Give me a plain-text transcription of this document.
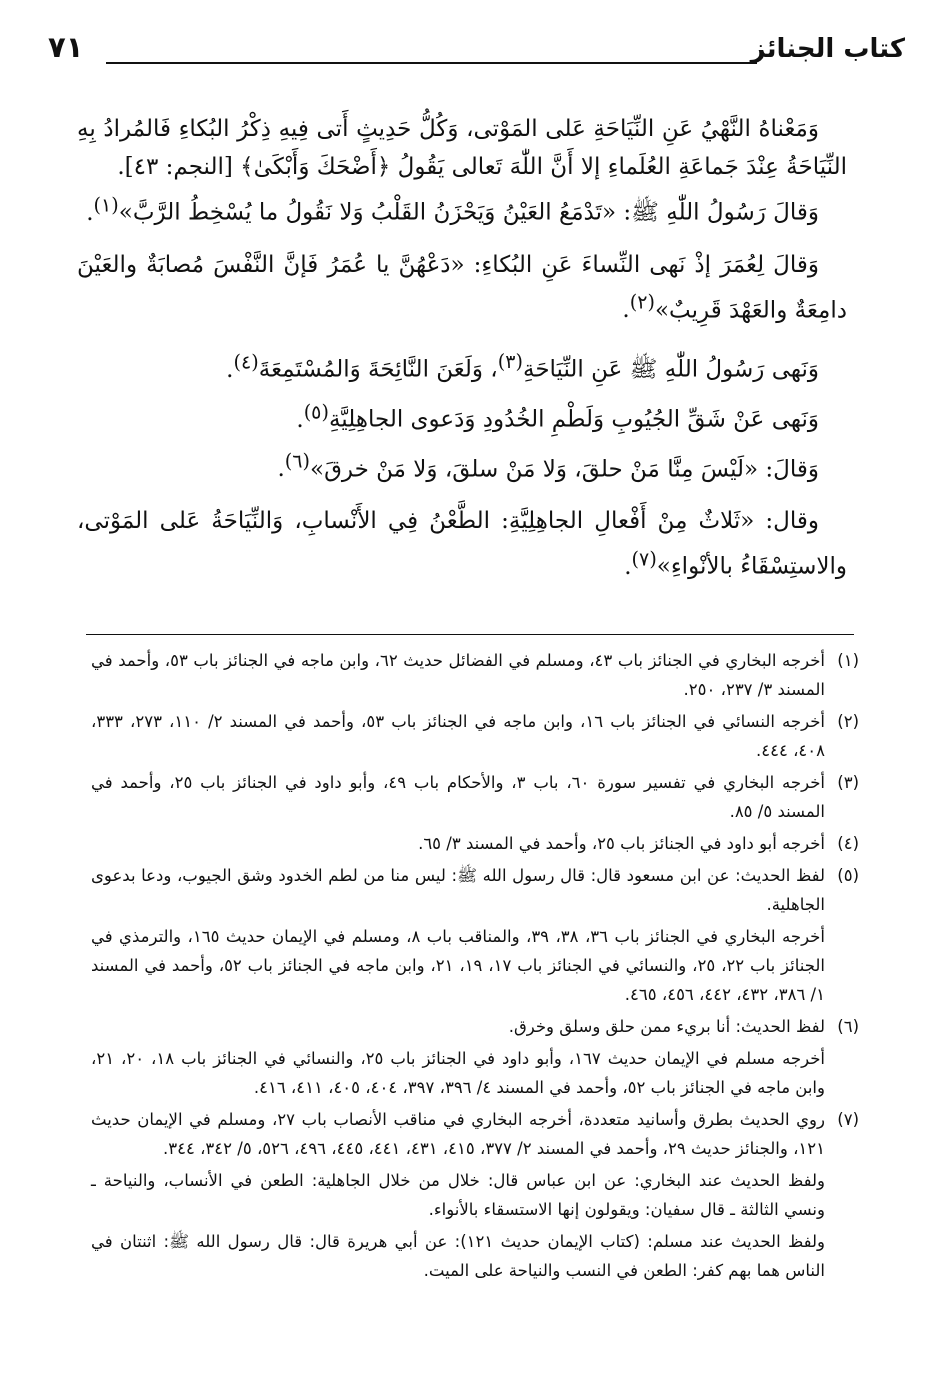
كتاب الجنائز
٧١

وَمَعْناهُ النَّهْيُ عَنِ النِّيَاحَةِ عَلى المَوْتى، وَكُلُّ حَدِيثٍ أَتى فِيهِ ذِكْرُ البُكاءِ فَالمُرادُ بِهِ النِّيَاحَةُ عِنْدَ جَماعَةِ العُلَماءِ إلا أَنَّ اللّٰهَ تَعالى يَقُولُ ﴿أَضْحَكَ وَأَبْكَىٰ﴾ [النجم: ٤٣].

وَقالَ رَسُولُ اللّٰهِ ﷺ: «تَدْمَعُ العَيْنُ وَيَحْزَنُ القَلْبُ وَلا نَقُولُ ما يُسْخِطُ الرَّبَّ»$^{(١)}$.

وَقالَ لِعُمَرَ إذْ نَهى النِّساءَ عَنِ البُكاءِ: «دَعْهُنَّ يا عُمَرُ فَإنَّ النَّفْسَ مُصابَةٌ والعَيْنَ دامِعَةٌ والعَهْدَ قَرِيبٌ»$^{(٢)}$.

وَنَهى رَسُولُ اللّٰهِ ﷺ عَنِ النِّيَاحَةِ$^{(٣)}$، وَلَعَنَ النَّائِحَةَ وَالمُسْتَمِعَةَ$^{(٤)}$.

وَنَهى عَنْ شَقِّ الجُيُوبِ وَلَطْمِ الخُدُودِ وَدَعوى الجاهِلِيَّةِ$^{(٥)}$.

وَقالَ: «لَيْسَ مِنَّا مَنْ حلقَ، وَلا مَنْ سلقَ، وَلا مَنْ خرقَ»$^{(٦)}$.

وقال: «ثَلاثٌ مِنْ أَفْعالِ الجاهِلِيَّةِ: الطَّعْنُ فِي الأَنْسابِ، وَالنِّيَاحَةُ عَلى المَوْتى، والاستِسْقَاءُ بالأنْواءِ»$^{(٧)}$.

(١)

أخرجه البخاري في الجنائز باب ٤٣، ومسلم في الفضائل حديث ٦٢، وابن ماجه في الجنائز باب ٥٣، وأحمد في المسند ٣/ ٢٣٧، ٢٥٠.

(٢)

أخرجه النسائي في الجنائز باب ١٦، وابن ماجه في الجنائز باب ٥٣، وأحمد في المسند ٢/ ١١٠، ٢٧٣، ٣٣٣، ٤٠٨، ٤٤٤.

(٣)

أخرجه البخاري في تفسير سورة ٦٠، باب ٣، والأحكام باب ٤٩، وأبو داود في الجنائز باب ٢٥، وأحمد في المسند ٥/ ٨٥.

(٤)

أخرجه أبو داود في الجنائز باب ٢٥، وأحمد في المسند ٣/ ٦٥.

(٥)

لفظ الحديث: عن ابن مسعود قال: قال رسول الله ﷺ: ليس منا من لطم الخدود وشق الجيوب، ودعا بدعوى الجاهلية.

أخرجه البخاري في الجنائز باب ٣٦، ٣٨، ٣٩، والمناقب باب ٨، ومسلم في الإيمان حديث ١٦٥، والترمذي في الجنائز باب ٢٢، ٢٥، والنسائي في الجنائز باب ١٧، ١٩، ٢١، وابن ماجه في الجنائز باب ٥٢، وأحمد في المسند ١/ ٣٨٦، ٤٣٢، ٤٤٢، ٤٥٦، ٤٦٥.

(٦)

لفظ الحديث: أنا بريء ممن حلق وسلق وخرق.

أخرجه مسلم في الإيمان حديث ١٦٧، وأبو داود في الجنائز باب ٢٥، والنسائي في الجنائز باب ١٨، ٢٠، ٢١، وابن ماجه في الجنائز باب ٥٢، وأحمد في المسند ٤/ ٣٩٦، ٣٩٧، ٤٠٤، ٤٠٥، ٤١١، ٤١٦.

(٧)

روي الحديث بطرق وأسانيد متعددة، أخرجه البخاري في مناقب الأنصاب باب ٢٧، ومسلم في الإيمان حديث ١٢١، والجنائز حديث ٢٩، وأحمد في المسند ٢/ ٣٧٧، ٤١٥، ٤٣١، ٤٤١، ٤٤٥، ٤٩٦، ٥٢٦، ٥/ ٣٤٢، ٣٤٤.

ولفظ الحديث عند البخاري: عن ابن عباس قال: خلال من خلال الجاهلية: الطعن في الأنساب، والنياحة ـ ونسي الثالثة ـ قال سفيان: ويقولون إنها الاستسقاء بالأنواء.

ولفظ الحديث عند مسلم: (كتاب الإيمان حديث ١٢١): عن أبي هريرة قال: قال رسول الله ﷺ: اثنتان في الناس هما بهم كفر: الطعن في النسب والنياحة على الميت.
